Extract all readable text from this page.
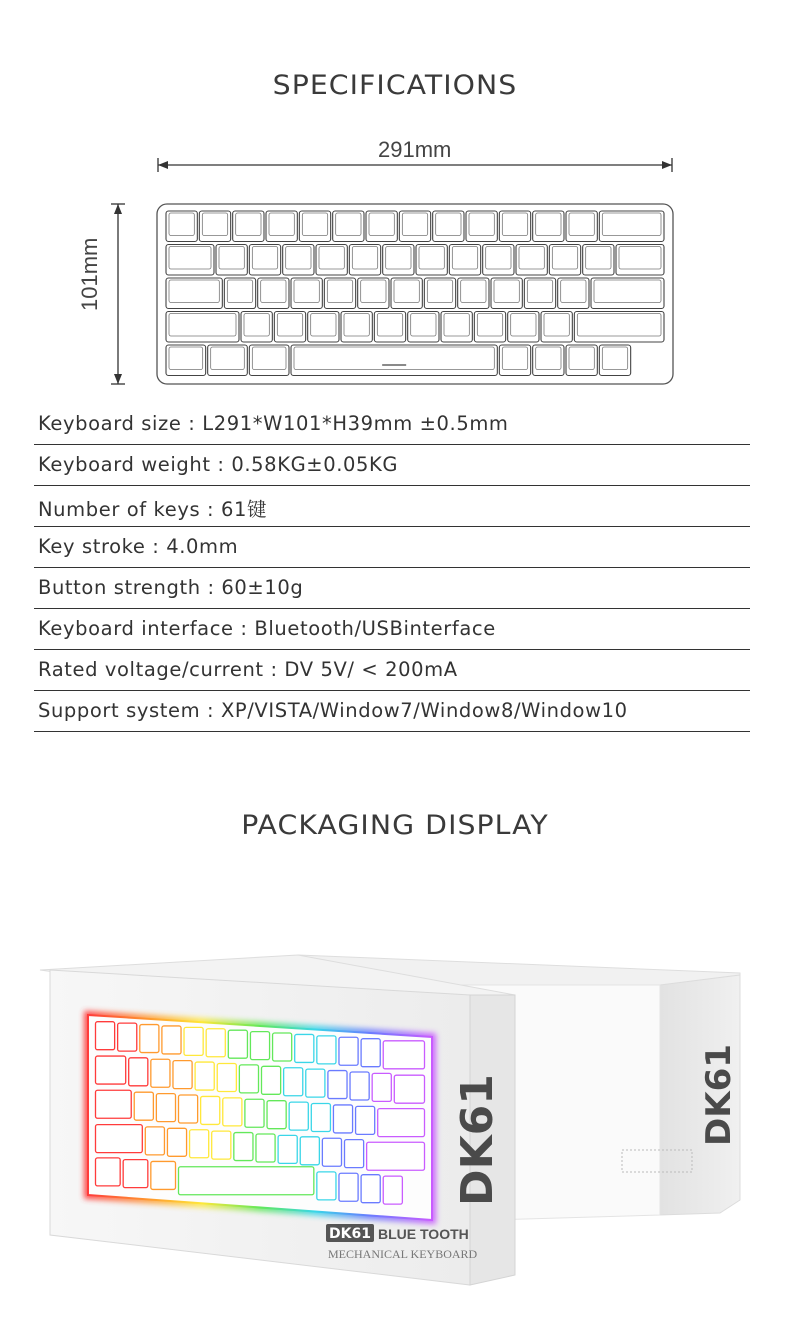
SPECIFICATIONS
291mm
101mm
Keyboard size : L291*W101*H39mm ±0.5mm
Keyboard weight : 0.58KG±0.05KG
Number of keys : 61键
Key stroke : 4.0mm
Button strength : 60±10g
Keyboard interface : Bluetooth/USBinterface
Rated voltage/current : DV 5V/ < 200mA
Support system : XP/VISTA/Window7/Window8/Window10
PACKAGING DISPLAY
DK61
DK61
DK61 BLUE TOOTH
MECHANICAL KEYBOARD
